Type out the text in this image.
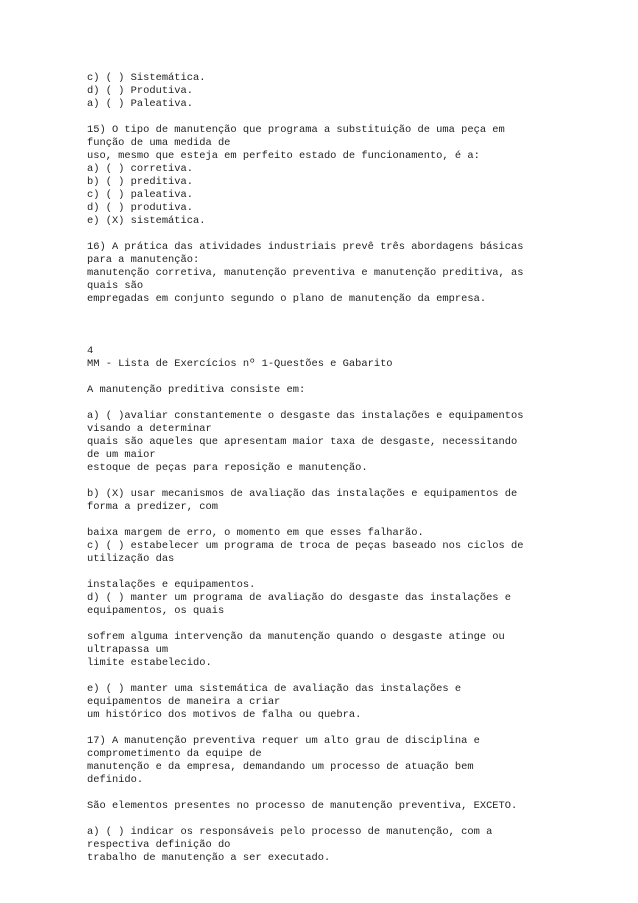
c) ( ) Sistemática.
d) ( ) Produtiva.
a) ( ) Paleativa.
15) O tipo de manutenção que programa a substituição de uma peça em
função de uma medida de
uso, mesmo que esteja em perfeito estado de funcionamento, é a:
a) ( ) corretiva.
b) ( ) preditiva.
c) ( ) paleativa.
d) ( ) produtiva.
e) (X) sistemática.
16) A prática das atividades industriais prevê três abordagens básicas
para a manutenção:
manutenção corretiva, manutenção preventiva e manutenção preditiva, as
quais são
empregadas em conjunto segundo o plano de manutenção da empresa.
4
MM - Lista de Exercícios nº 1-Questões e Gabarito
A manutenção preditiva consiste em:
a) ( )avaliar constantemente o desgaste das instalações e equipamentos
visando a determinar
quais são aqueles que apresentam maior taxa de desgaste, necessitando
de um maior
estoque de peças para reposição e manutenção.
b) (X) usar mecanismos de avaliação das instalações e equipamentos de
forma a predizer, com
baixa margem de erro, o momento em que esses falharão.
c) ( ) estabelecer um programa de troca de peças baseado nos ciclos de
utilização das
instalações e equipamentos.
d) ( ) manter um programa de avaliação do desgaste das instalações e
equipamentos, os quais
sofrem alguma intervenção da manutenção quando o desgaste atinge ou
ultrapassa um
limite estabelecido.
e) ( ) manter uma sistemática de avaliação das instalações e
equipamentos de maneira a criar
um histórico dos motivos de falha ou quebra.
17) A manutenção preventiva requer um alto grau de disciplina e
comprometimento da equipe de
manutenção e da empresa, demandando um processo de atuação bem
definido.
São elementos presentes no processo de manutenção preventiva, EXCETO.
a) ( ) indicar os responsáveis pelo processo de manutenção, com a
respectiva definição do
trabalho de manutenção a ser executado.
